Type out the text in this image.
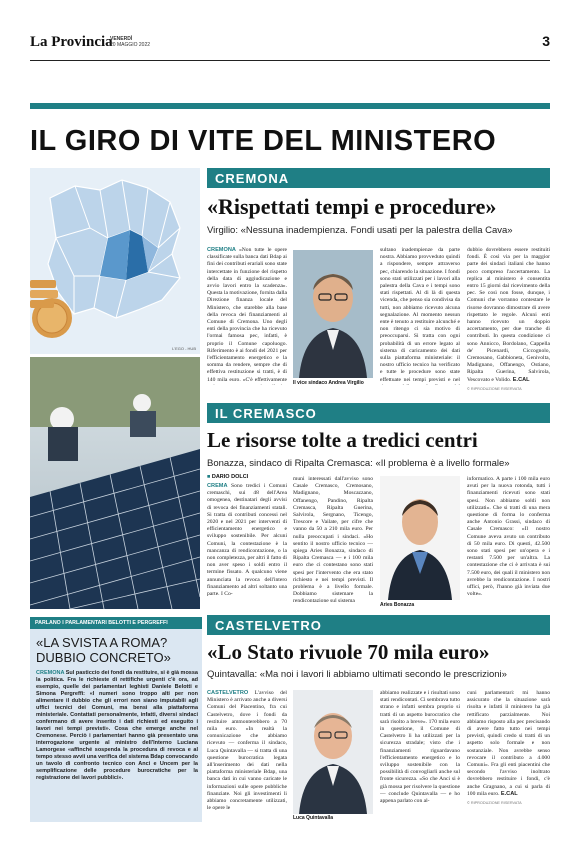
La Provincia
VENERDÌ
20 MAGGIO 2022	3
IL GIRO DI VITE DEL MINISTERO
L'EGO - HUB
CREMONA
«Rispettati tempi e procedure»
Virgilio: «Nessuna inadempienza. Fondi usati per la palestra della Cava»
CREMONA «Non tutte le opere classificate sulla banca dati Bdap ai fini dei contributi erariali sono state intercettate in funzione del rispetto della data di aggiudicazione e avvio lavori entro la scadenza». Questa la motivazione, fornita dalla Direzione finanza locale del Ministero, che starebbe alla base della revoca dei finanziamenti al Comune di Cremona. Uno degli enti della provincia che ha ricevuto l'ormai famosa pec, infatti, è proprio il Comune capoluogo. Riferimento è ai fondi del 2021 per l'efficientamento energetico e la somma da rendere, sempre che di effettiva restituzione si tratti, è di 140 mila euro. «C'è effettivamente
Il vice sindaco Andrea Virgilio
sultano inadempienze da parte nostra. Abbiamo provveduto quindi a rispondere, sempre attraverso pec, chiarendo la situazione. I fondi sono stati utilizzati per i lavori alla palestra della Cava e i tempi sono stati rispettati. Al di là di questa vicenda, che penso sia condivisa da tutti, non abbiamo ricevuto alcuna segnalazione. Al momento nessun ente è tenuto a restituire alcunché e non ritengo ci sia motivo di preoccuparsi. Si tratta con ogni probabilità di un errore legato al sistema di caricamento dei dati sulla piattaforma ministeriale: il nostro ufficio tecnico ha verificato e tutte le procedure sono state effettuate nei tempi previsti e nel
dubbio dovrebbero essere restituiti fondi. È così via per la maggior parte dei sindaci italiani che hanno poco compreso l'accertamento. La replica al ministero è consentita entro 15 giorni dal ricevimento della pec. Se così non fosse, dunque, i Comuni che vorranno contestare le risorse dovranno dimostrare di avere rispettato le regole. Alcuni enti hanno ricevuto un doppio accertamento, per due tranche di contributi. In questa condizione ci sono Annicco, Bordolano, Cappella de' Picenardi, Ciccognolo, Cremosano, Gabbioneta, Genivolta, Madignano, Offanengo, Ostiano, Ripalta Guerina, Salvirola, Vescovato e Volido. E.CAL
© RIPRODUZIONE RISERVATA
IL CREMASCO
Le risorse tolte a tredici centri
Bonazza, sindaco di Ripalta Cremasca: «Il problema è a livello formale»
■ DARIO DOLCI
CREMA Sono tredici i Comuni cremaschi, sui 48 dell'Area omogenea, destinatari degli avvisi di revoca dei finanziamenti statali. Si tratta di contributi concessi nel 2020 e nel 2021 per interventi di efficientamento energetico e sviluppo sostenibile. Per alcuni Comuni, la contestazione è la mancanza di rendicontazione, o la non completezza, per altri il fatto di non aver speso i soldi entro il termine fissato. A qualcuno viene annunciata la revoca dell'intero finanziamento ad altri soltanto una parte. I Co-
muni interessati dall'avviso sono Casale Cremasco, Cremosano, Madignano, Moscazzano, Offanengo, Pandino, Ripalta Cremasca, Ripalta Guerina, Salvirola, Sergnano, Ticengo, Trescore e Vailate, per cifre che vanno da 50 a 210 mila euro. Per nulla preoccupati i sindaci. «Ho sentito il nostro ufficio tecnico — spiega Aries Bonazza, sindaco di Ripalta Cremasca — e i 100 mila euro che ci contestano sono stati spesi per l'intervento che era stato richiesto e nei tempi previsti. Il problema è a livello formale. Dobbiamo sistemare la rendicontazione sul sistema
Aries Bonazza
informatico. A parte i 100 mila euro avuti per la nuova rotonda, tutti i finanziamenti ricevuti sono stati spesi. Non abbiamo soldi non utilizzati». Che si tratti di una mera questione di forma lo conferma anche Antonio Grassi, sindaco di Casale Cremasco: «Il nostro Comune aveva avuto un contributo di 50 mila euro. Di questi, 42.500 sono stati spesi per un'opera e i restanti 7.500 per un'altra. La contestazione che ci è arrivata è sui 7.500 euro, dei quali il ministero non avrebbe la rendicontazione. I nostri uffici, però, l'hanno già inviata due volte».
CASTELVETRO
«Lo Stato rivuole 70 mila euro»
Quintavalla: «Ma noi i lavori li abbiamo ultimati secondo le prescrizioni»
CASTELVETRO L'avviso del Ministero è arrivato anche a diversi Comuni del Piacentino, fra cui Castelvetro, dove i fondi da restituire ammonterebbero a 70 mila euro. «In realtà la comunicazione che abbiamo ricevuto — conferma il sindaco, Luca Quintavalla — si tratta di una questione burocratica legata all'inserimento dei dati nella piattaforma ministeriale Bdap, una banca dati in cui vanno caricate le informazioni sulle opere pubbliche finanziate. Noi gli investimenti li abbiamo concretamente utilizzati, le opere le
Luca Quintavalla
abbiamo realizzate e i risultati sono stati rendicontati. Ci sembrava tutto strano e infatti sembra proprio si tratti di un aspetto burocratico che sarà risolto a breve». 170 mila euro in questione, il Comune di Castelvetro li ha utilizzati per la sicurezza stradale; visto che i finanziamenti riguardavano l'efficientamento energetico e lo sviluppo sostenibile con la possibilità di convogliarli anche sul fronte sicurezza. «So che Anci si è già mossa per risolvere la questione — conclude Quintavalla — e ho appena parlato con al-
cuni parlamentari: mi hanno assicurato che la situazione sarà risolta e infatti il ministero ha già rettificato parzialmente. Noi abbiamo risposto alla pec precisando di avere fatto tutto nei tempi previsti, quindi credo si tratti di un aspetto solo formale e non sostanziale. Non avrebbe senso revocare il contributo a 4.000 Comuni». Fra gli enti piacentini che secondo l'avviso inoltrato dovrebbero restituire i fondi, c'è anche Gragnano, a cui si parla di 100 mila euro. E.CAL
© RIPRODUZIONE RISERVATA
PARLANO I PARLAMENTARI BELOTTI E PERGREFFI
«LA SVISTA A ROMA? DUBBIO CONCRETO»
CREMONA Sul pasticcio dei fondi da restituire, si è già mossa la politica. Fra le richieste di rettifiche urgenti c'è ora, ad esempio, quelle dei parlamentari leghisti Daniele Belotti e Simona Pergreffi: «I numeri sono troppo alti per non alimentare il dubbio che gli errori non siano imputabili agli uffici tecnici dei Comuni, ma bensì alla piattaforma ministeriale. Contattati personalmente, infatti, diversi sindaci confermano di avere inserito i dati richiesti ed eseguito i lavori nei tempi previsti». Cosa che emerge anche nel Cremonese. Perciò i parlamentari hanno già presentato una interrogazione urgente al ministro dell'Interno Luciana Lamorgese «affinché sospenda la procedura di revoca e al tempo stesso avvii una verifica del sistema Bdap convocando un tavolo di confronto tecnico con Anci e Uncem per la semplificazione delle procedure burocratiche per la registrazione dei lavori pubblici».
